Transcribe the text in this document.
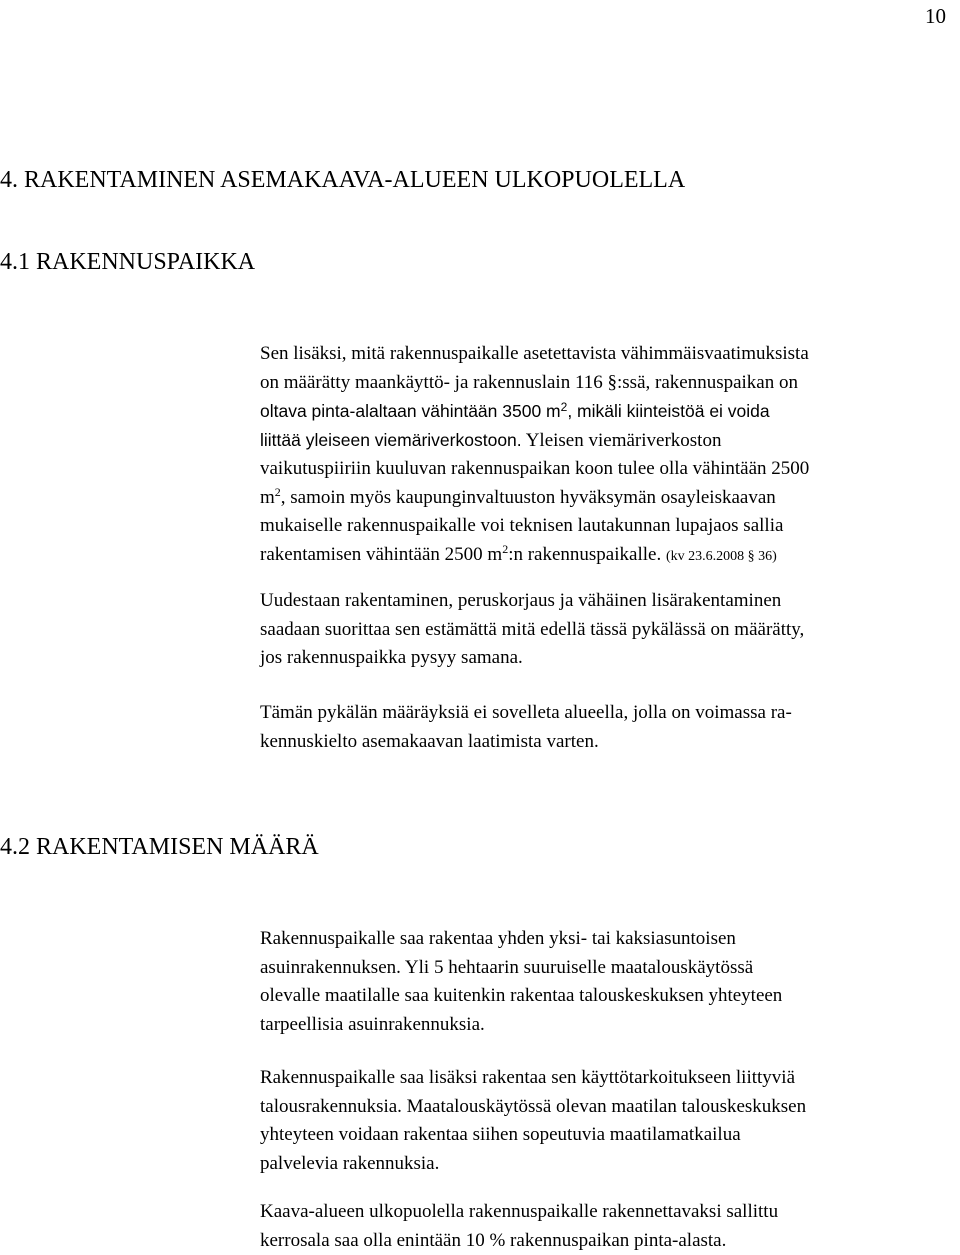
10
4. RAKENTAMINEN ASEMAKAAVA-ALUEEN ULKOPUOLELLA
4.1 RAKENNUSPAIKKA
Sen lisäksi, mitä rakennuspaikalle asetettavista vähimmäisvaatimuksista
on määrätty maankäyttö- ja rakennuslain 116 §:ssä, rakennuspaikan on
oltava pinta-alaltaan vähintään 3500 $m^2$, mikäli kiinteistöä ei voida
liittää yleiseen viemäriverkostoon. Yleisen viemäriverkoston
vaikutuspiiriin kuuluvan rakennuspaikan koon tulee olla vähintään 2500
$m^2$, samoin myös kaupunginvaltuuston hyväksymän osayleiskaavan
mukaiselle rakennuspaikalle voi teknisen lautakunnan lupajaos sallia
rakentamisen vähintään 2500 $m^2:n$ rakennuspaikalle. (kv 23.6.2008 § 36)
Uudestaan rakentaminen, peruskorjaus ja vähäinen lisärakentaminen
saadaan suorittaa sen estämättä mitä edellä tässä pykälässä on määrätty,
jos rakennuspaikka pysyy samana.
Tämän pykälän määräyksiä ei sovelleta alueella, jolla on voimassa ra-
kennuskielto asemakaavan laatimista varten.
4.2 RAKENTAMISEN MÄÄRÄ
Rakennuspaikalle saa rakentaa yhden yksi- tai kaksiasuntoisen
asuinrakennuksen. Yli 5 hehtaarin suuruiselle maatalouskäytössä
olevalle maatilalle saa kuitenkin rakentaa talouskeskuksen yhteyteen
tarpeellisia asuinrakennuksia.
Rakennuspaikalle saa lisäksi rakentaa sen käyttötarkoitukseen liittyviä
talousrakennuksia. Maatalouskäytössä olevan maatilan talouskeskuksen
yhteyteen voidaan rakentaa siihen sopeutuvia maatilamatkailua
palvelevia rakennuksia.
Kaava-alueen ulkopuolella rakennuspaikalle rakennettavaksi sallittu
kerrosala saa olla enintään 10 % rakennuspaikan pinta-alasta.
